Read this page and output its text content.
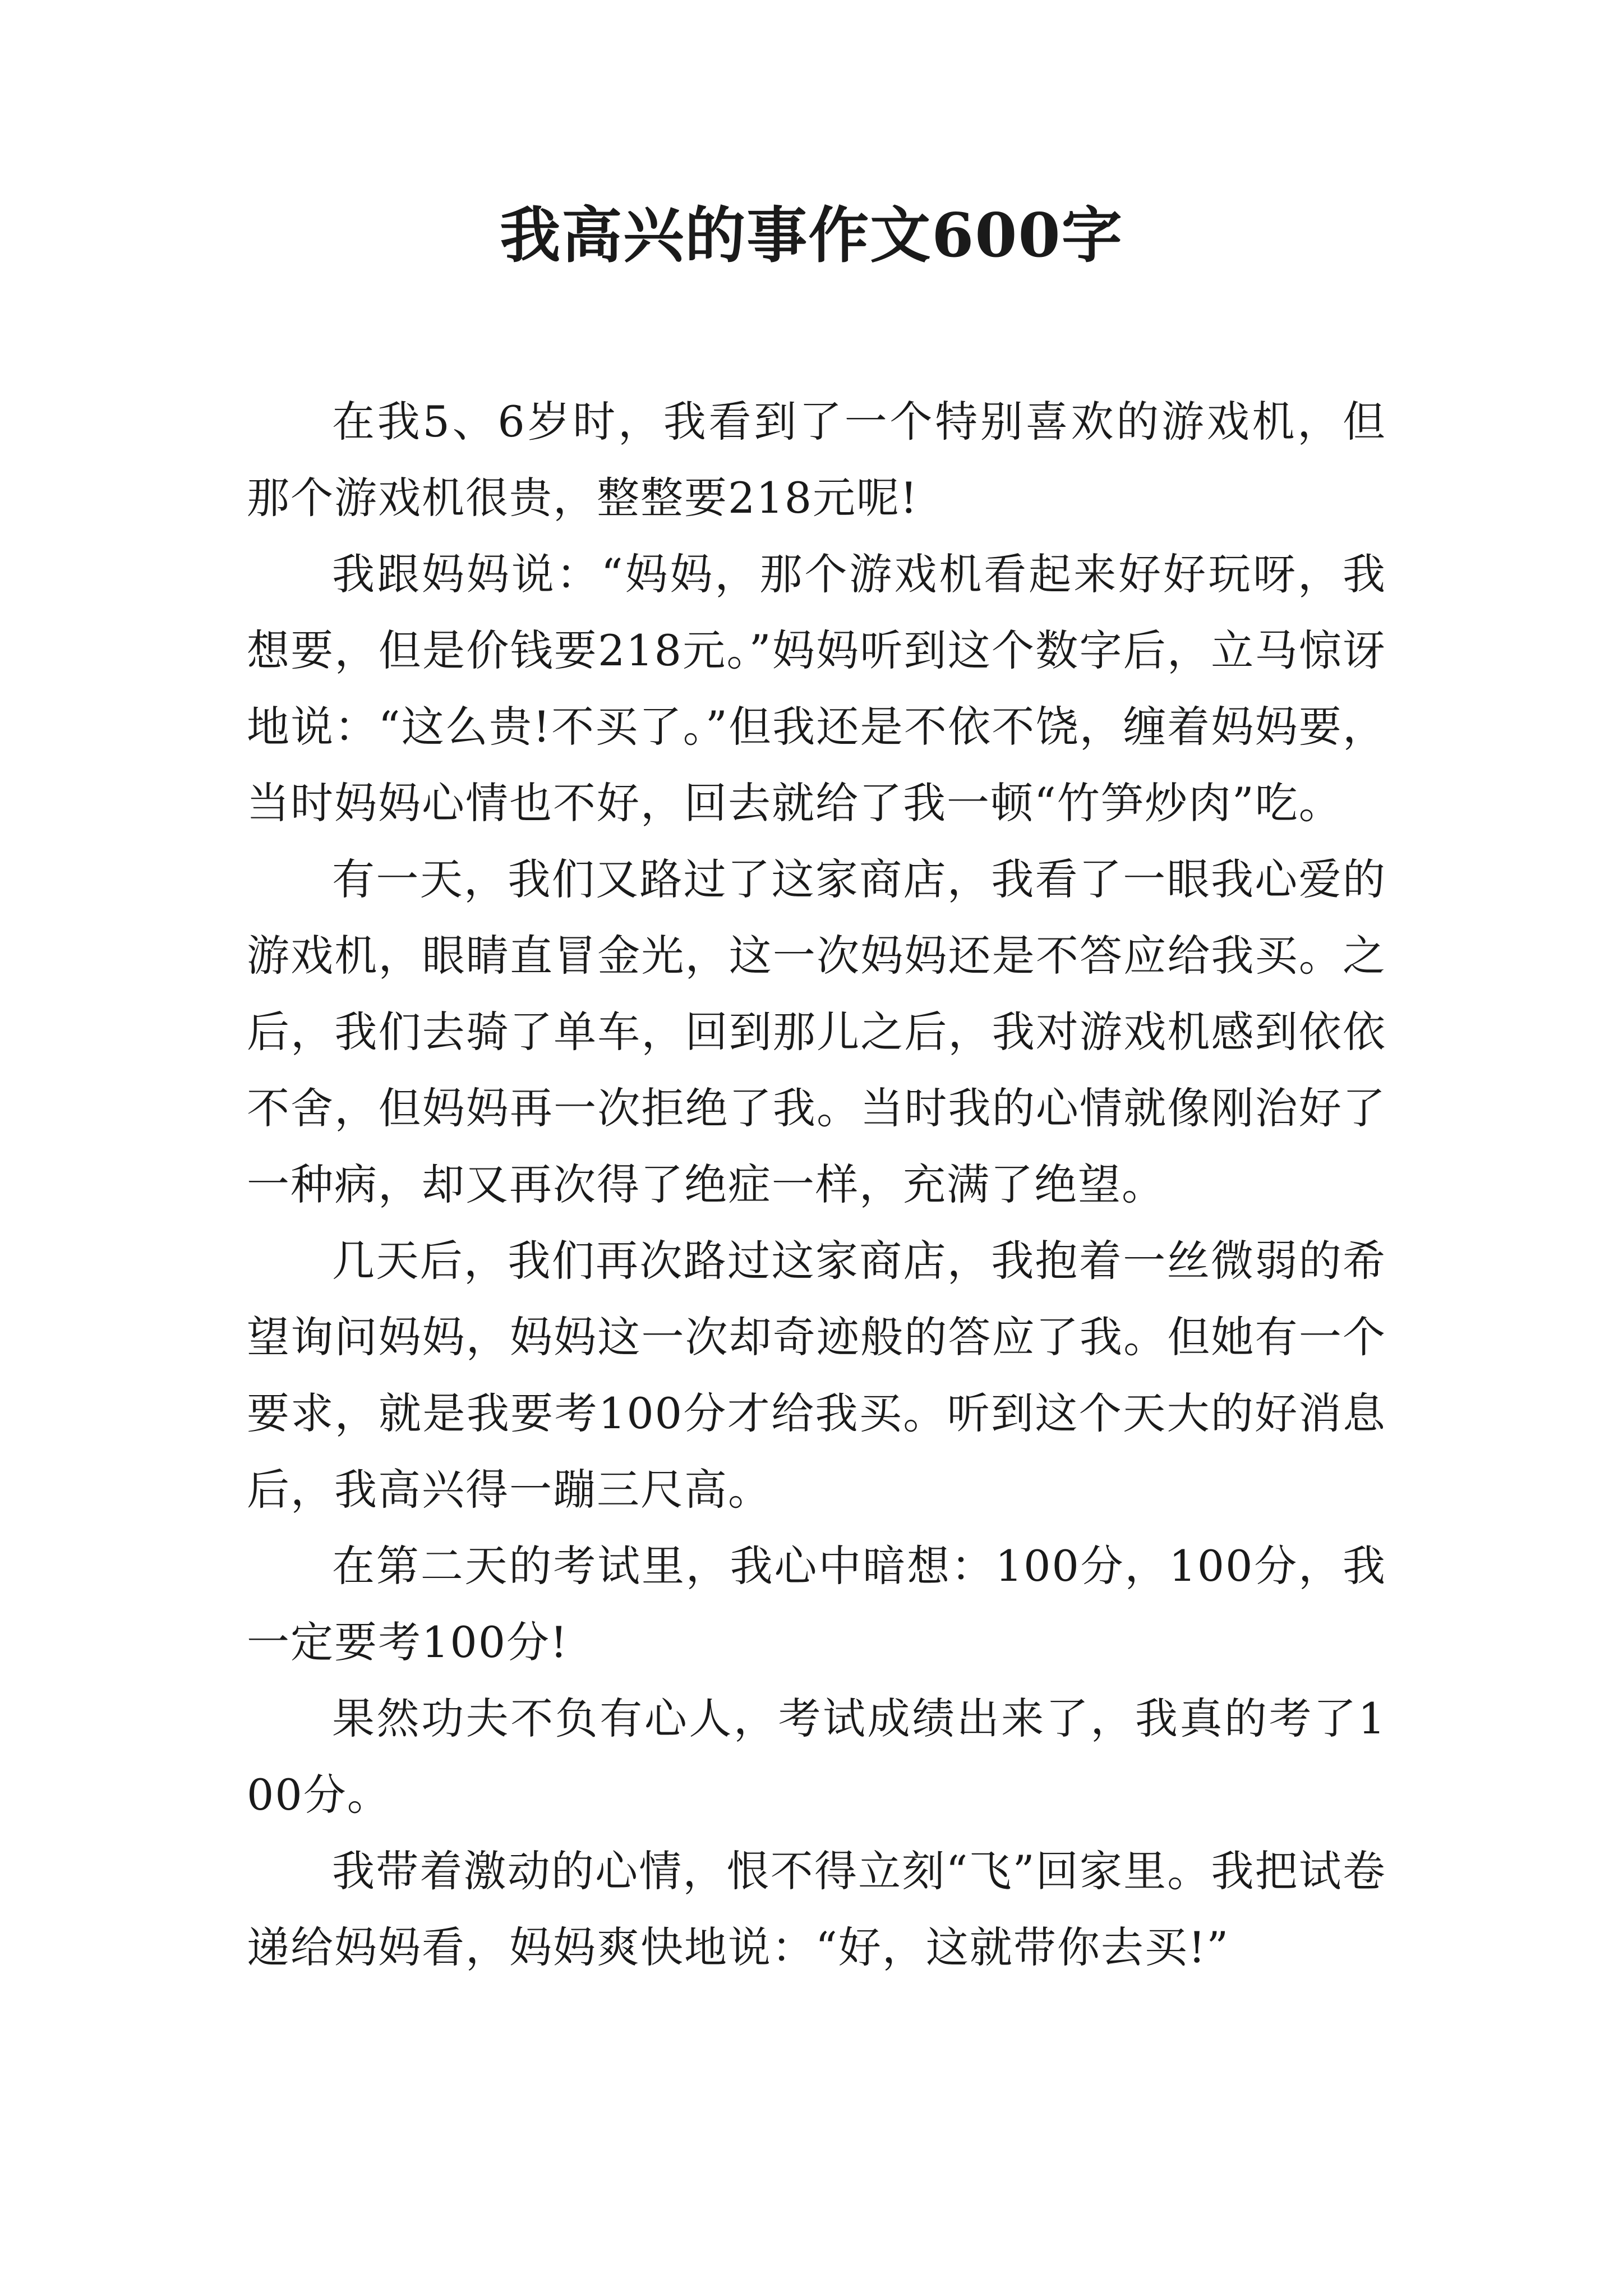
我高兴的事作文600字

在我5、6岁时，我看到了一个特别喜欢的游戏机，但那个游戏机很贵，整整要218元呢!

我跟妈妈说：“妈妈，那个游戏机看起来好好玩呀，我想要，但是价钱要218元。”妈妈听到这个数字后，立马惊讶地说：“这么贵!不买了。”但我还是不依不饶，缠着妈妈要，当时妈妈心情也不好，回去就给了我一顿“竹笋炒肉”吃。

有一天，我们又路过了这家商店，我看了一眼我心爱的游戏机，眼睛直冒金光，这一次妈妈还是不答应给我买。之后，我们去骑了单车，回到那儿之后，我对游戏机感到依依不舍，但妈妈再一次拒绝了我。当时我的心情就像刚治好了一种病，却又再次得了绝症一样，充满了绝望。

几天后，我们再次路过这家商店，我抱着一丝微弱的希望询问妈妈，妈妈这一次却奇迹般的答应了我。但她有一个要求，就是我要考100分才给我买。听到这个天大的好消息后，我高兴得一蹦三尺高。

在第二天的考试里，我心中暗想：100分，100分，我一定要考100分!

果然功夫不负有心人，考试成绩出来了，我真的考了100分。

我带着激动的心情，恨不得立刻“飞”回家里。我把试卷递给妈妈看，妈妈爽快地说：“好，这就带你去买!”
